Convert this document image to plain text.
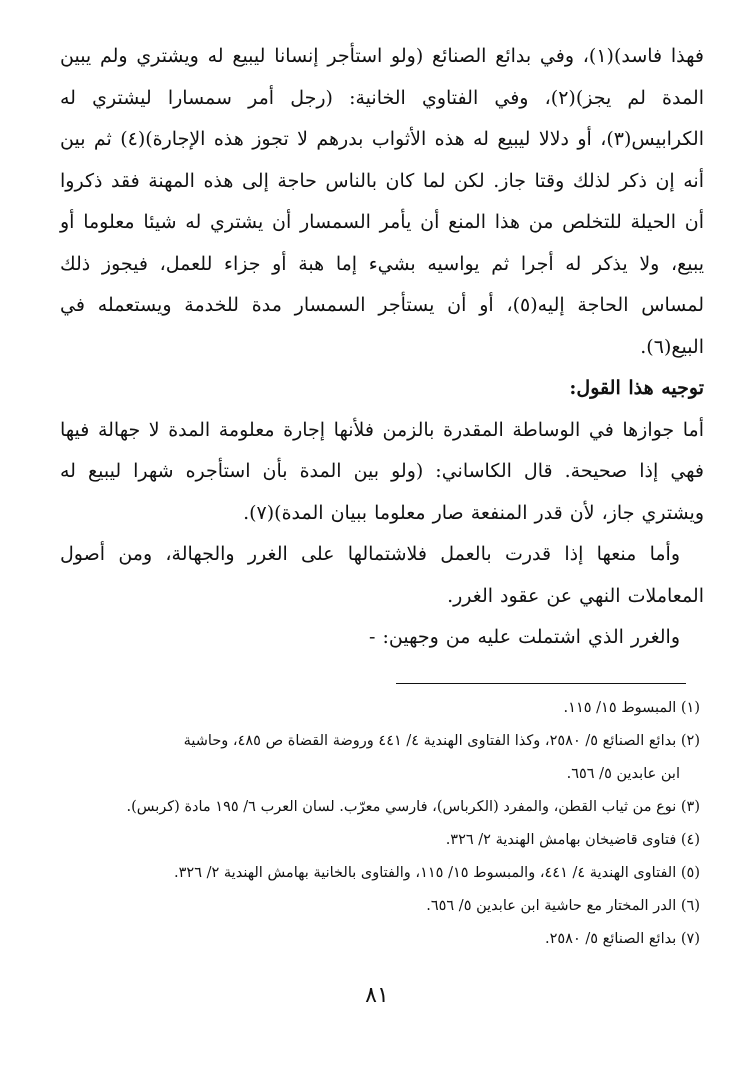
فهذا فاسد)(١)، وفي بدائع الصنائع (ولو استأجر إنسانا ليبيع له ويشتري ولم يبين المدة لم يجز)(٢)، وفي الفتاوي الخانية: (رجل أمر سمسارا ليشتري له الكرابيس(٣)، أو دلالا ليبيع له هذه الأثواب بدرهم لا تجوز هذه الإجارة)(٤) ثم بين أنه إن ذكر لذلك وقتا جاز. لكن لما كان بالناس حاجة إلى هذه المهنة فقد ذكروا أن الحيلة للتخلص من هذا المنع أن يأمر السمسار أن يشتري له شيئا معلوما أو يبيع، ولا يذكر له أجرا ثم يواسيه بشيء إما هبة أو جزاء للعمل، فيجوز ذلك لمساس الحاجة إليه(٥)، أو أن يستأجر السمسار مدة للخدمة ويستعمله في البيع(٦).

توجيه هذا القول:

أما جوازها في الوساطة المقدرة بالزمن فلأنها إجارة معلومة المدة لا جهالة فيها فهي إذا صحيحة. قال الكاساني: (ولو بين المدة بأن استأجره شهرا ليبيع له ويشتري جاز، لأن قدر المنفعة صار معلوما ببيان المدة)(٧).

وأما منعها إذا قدرت بالعمل فلاشتمالها على الغرر والجهالة، ومن أصول المعاملات النهي عن عقود الغرر.

والغرر الذي اشتملت عليه من وجهين: -

(١) المبسوط ١٥/ ١١٥.

(٢) بدائع الصنائع ٥/ ٢٥٨٠، وكذا الفتاوى الهندية ٤/ ٤٤١ وروضة القضاة ص ٤٨٥، وحاشية

ابن عابدين ٥/ ٦٥٦.

(٣) نوع من ثياب القطن، والمفرد (الكرباس)، فارسي معرّب. لسان العرب ٦/ ١٩٥ مادة (كربس).

(٤) فتاوى قاضيخان بهامش الهندية ٢/ ٣٢٦.

(٥) الفتاوى الهندية ٤/ ٤٤١، والمبسوط ١٥/ ١١٥، والفتاوى بالخانية بهامش الهندية ٢/ ٣٢٦.

(٦) الدر المختار مع حاشية ابن عابدين ٥/ ٦٥٦.

(٧) بدائع الصنائع ٥/ ٢٥٨٠.

٨١
